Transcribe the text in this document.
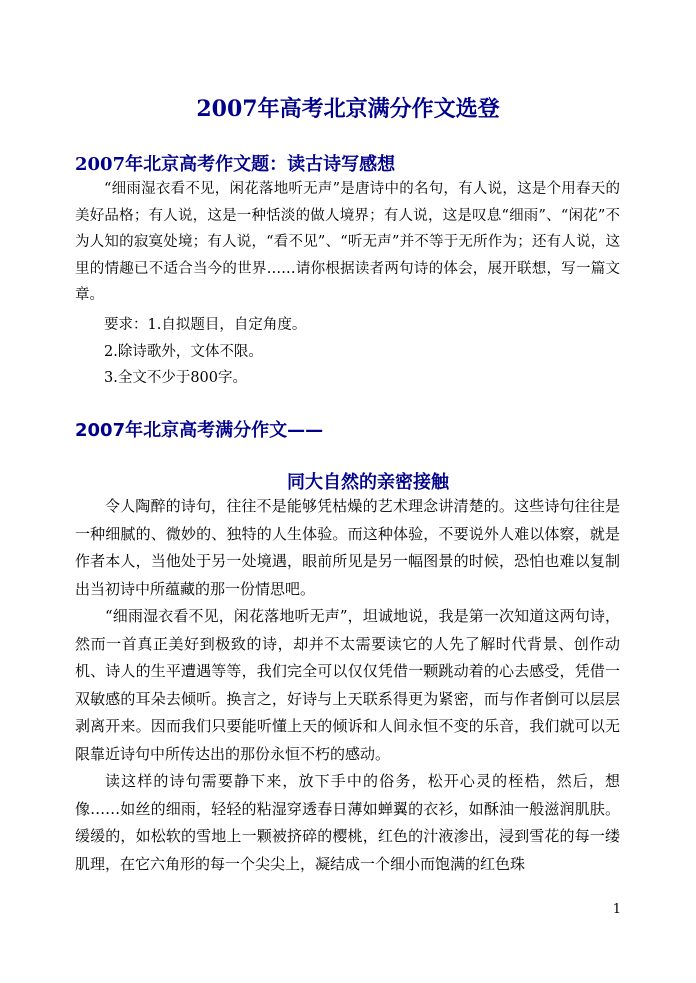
2007年高考北京满分作文选登
2007年北京高考作文题：读古诗写感想

“细雨湿衣看不见，闲花落地听无声”是唐诗中的名句，有人说，这是个用春天的美好品格；有人说，这是一种恬淡的做人境界；有人说，这是叹息“细雨”、“闲花”不为人知的寂寞处境；有人说，“看不见”、“听无声”并不等于无所作为；还有人说，这里的情趣已不适合当今的世界……请你根据读者两句诗的体会，展开联想，写一篇文章。

要求：1.自拟题目，自定角度。

2.除诗歌外，文体不限。

3.全文不少于800字。

2007年北京高考满分作文——
同大自然的亲密接触

令人陶醉的诗句，往往不是能够凭枯燥的艺术理念讲清楚的。这些诗句往往是一种细腻的、微妙的、独特的人生体验。而这种体验，不要说外人难以体察，就是作者本人，当他处于另一处境遇，眼前所见是另一幅图景的时候，恐怕也难以复制出当初诗中所蕴藏的那一份情思吧。

“细雨湿衣看不见，闲花落地听无声”，坦诚地说，我是第一次知道这两句诗，然而一首真正美好到极致的诗，却并不太需要读它的人先了解时代背景、创作动机、诗人的生平遭遇等等，我们完全可以仅仅凭借一颗跳动着的心去感受，凭借一双敏感的耳朵去倾听。换言之，好诗与上天联系得更为紧密，而与作者倒可以层层剥离开来。因而我们只要能听懂上天的倾诉和人间永恒不变的乐音，我们就可以无限靠近诗句中所传达出的那份永恒不朽的感动。

读这样的诗句需要静下来，放下手中的俗务，松开心灵的桎梏，然后，想像……如丝的细雨，轻轻的粘湿穿透春日薄如蝉翼的衣衫，如酥油一般滋润肌肤。缓缓的，如松软的雪地上一颗被挤碎的樱桃，红色的汁液渗出，浸到雪花的每一缕肌理，在它六角形的每一个尖尖上，凝结成一个细小而饱满的红色珠

1
